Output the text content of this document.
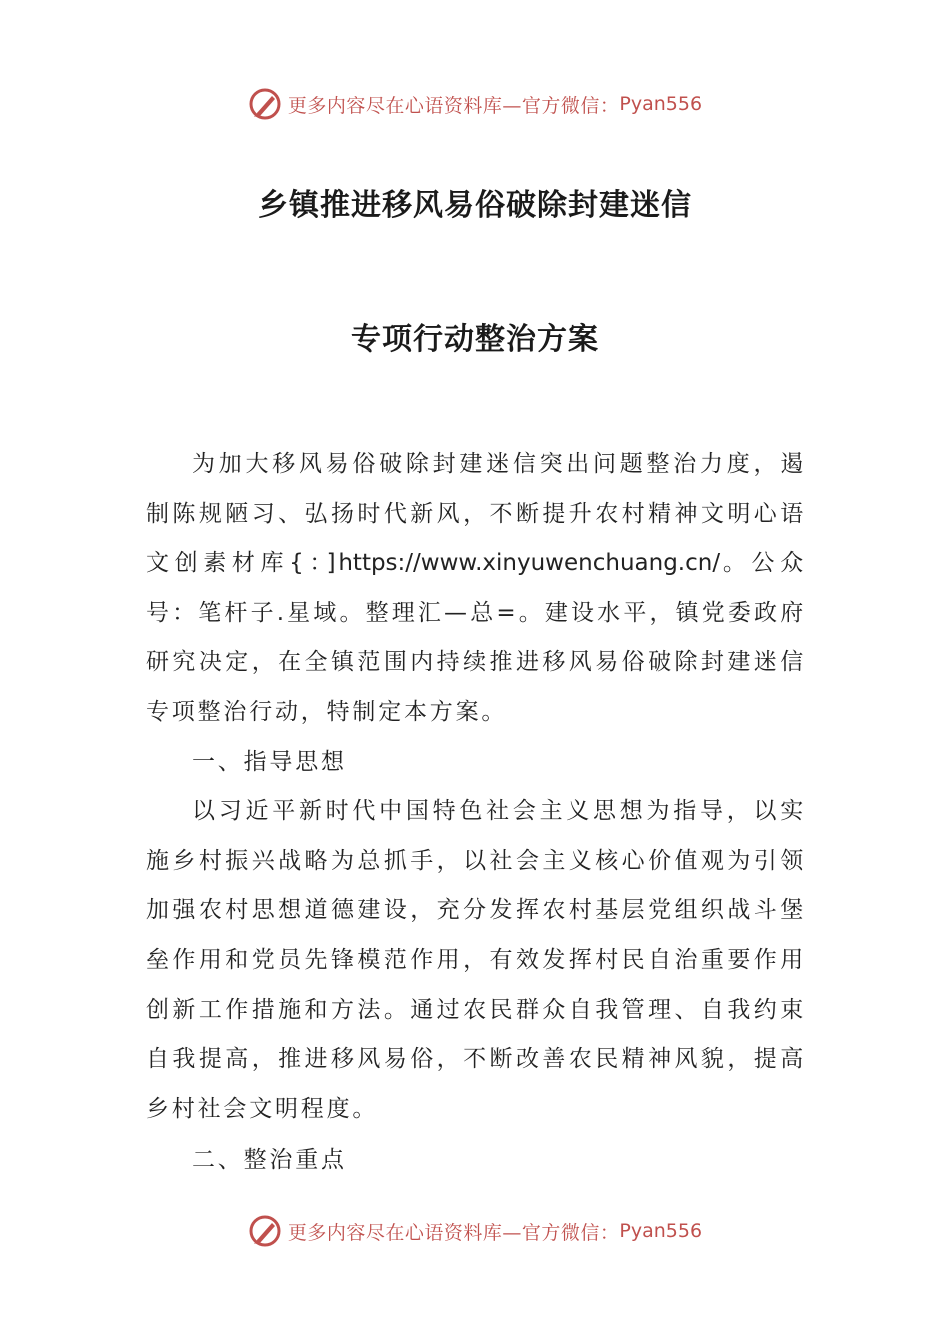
更多内容尽在心语资料库—官方微信： Pyan556
乡镇推进移风易俗破除封建迷信
专项行动整治方案

为加大移风易俗破除封建迷信突出问题整治力度，遏制陈规陋习、弘扬时代新风，不断提升农村精神文明心语文创素材库{：]https://www.xinyuwenchuang.cn/。公众号：笔杆子.星域。整理汇—总=。建设水平，镇党委政府研究决定，在全镇范围内持续推进移风易俗破除封建迷信专项整治行动，特制定本方案。

一、指导思想

以习近平新时代中国特色社会主义思想为指导，以实施乡村振兴战略为总抓手，以社会主义核心价值观为引领加强农村思想道德建设，充分发挥农村基层党组织战斗堡垒作用和党员先锋模范作用，有效发挥村民自治重要作用创新工作措施和方法。通过农民群众自我管理、自我约束自我提高，推进移风易俗，不断改善农民精神风貌，提高乡村社会文明程度。

二、整治重点
更多内容尽在心语资料库—官方微信： Pyan556
